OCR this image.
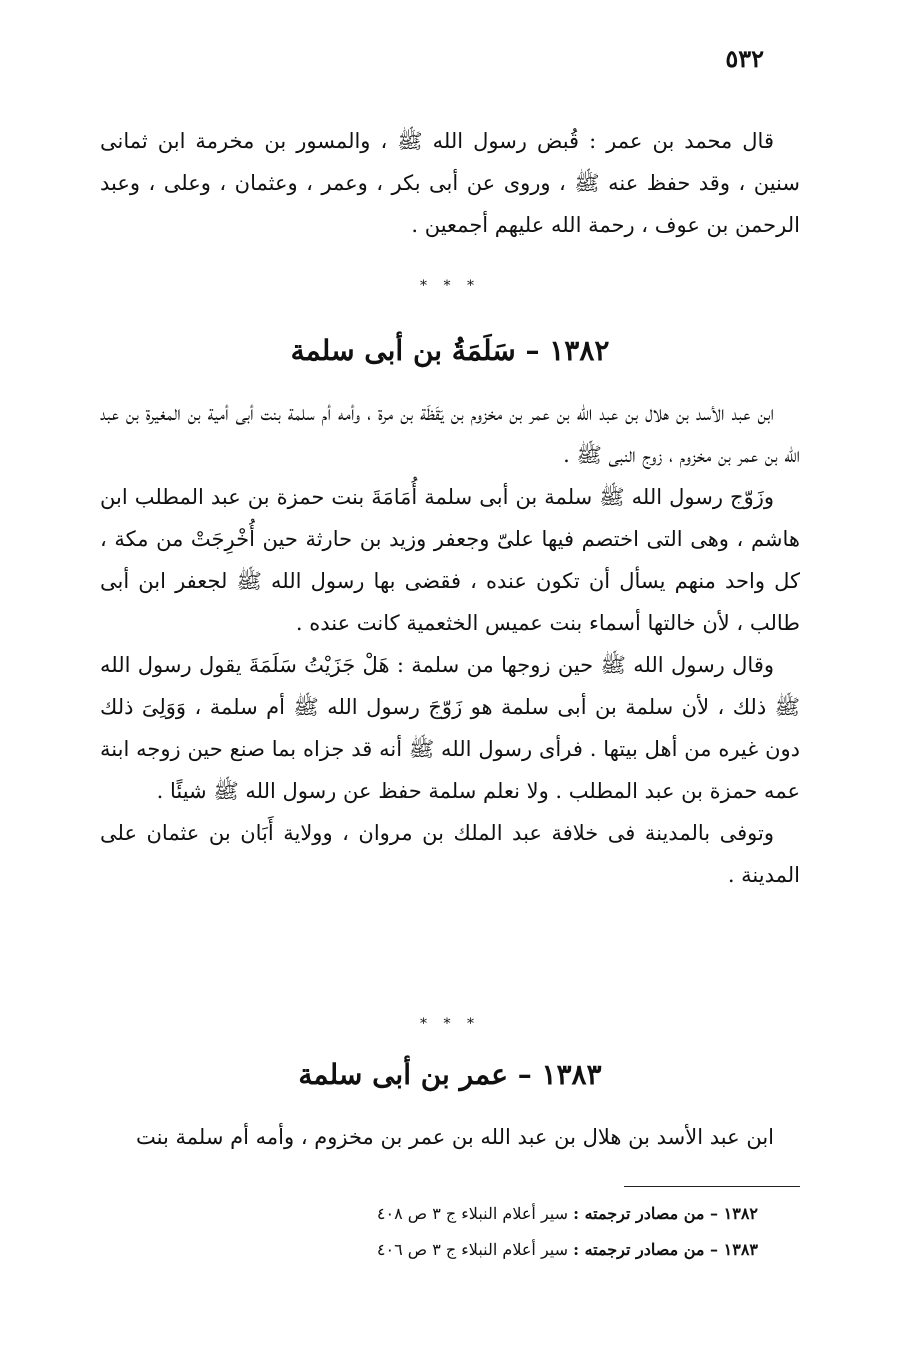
٥٣٢

قال محمد بن عمر : قُبض رسول الله ﷺ ، والمسور بن مخرمة ابن ثمانى سنين ، وقد حفظ عنه ﷺ ، وروى عن أبى بكر ، وعمر ، وعثمان ، وعلى ، وعبد الرحمن بن عوف ، رحمة الله عليهم أجمعين .

* * *
١٣٨٢ – سَلَمَةُ بن أبى سلمة

ابن عبد الأسد بن هلال بن عبد الله بن عمر بن مخزوم بن يَقَظَة بن مرة ، وأمه أم سلمة بنت أبى أمية بن المغيرة بن عبد الله بن عمر بن مخزوم ، زوج النبى ﷺ .

وزَوّج رسول الله ﷺ سلمة بن أبى سلمة أُمَامَةَ بنت حمزة بن عبد المطلب ابن هاشم ، وهى التى اختصم فيها علىّ وجعفر وزيد بن حارثة حين أُخْرِجَتْ من مكة ، كل واحد منهم يسأل أن تكون عنده ، فقضى بها رسول الله ﷺ لجعفر ابن أبى طالب ، لأن خالتها أسماء بنت عميس الخثعمية كانت عنده .

وقال رسول الله ﷺ حين زوجها من سلمة : هَلْ جَزَيْتُ سَلَمَةَ يقول رسول الله ﷺ ذلك ، لأن سلمة بن أبى سلمة هو زَوّجَ رسول الله ﷺ أم سلمة ، وَوَلِىَ ذلك دون غيره من أهل بيتها . فرأى رسول الله ﷺ أنه قد جزاه بما صنع حين زوجه ابنة عمه حمزة بن عبد المطلب . ولا نعلم سلمة حفظ عن رسول الله ﷺ شيئًا .

وتوفى بالمدينة فى خلافة عبد الملك بن مروان ، وولاية أَبَان بن عثمان على المدينة .

* * *
١٣٨٣ – عمر بن أبى سلمة

ابن عبد الأسد بن هلال بن عبد الله بن عمر بن مخزوم ، وأمه أم سلمة بنت

١٣٨٢ – من مصادر ترجمته : سير أعلام النبلاء ج ٣ ص ٤٠٨
١٣٨٣ – من مصادر ترجمته : سير أعلام النبلاء ج ٣ ص ٤٠٦
